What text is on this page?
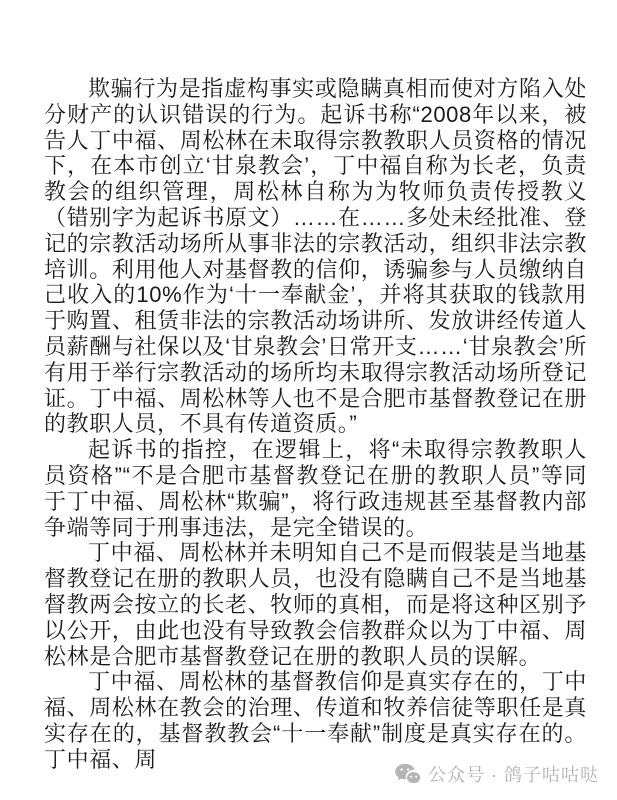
欺骗行为是指虚构事实或隐瞒真相而使对方陷入处分财产的认识错误的行为。起诉书称“2008年以来，被告人丁中福、周松林在未取得宗教教职人员资格的情况下，在本市创立‘甘泉教会’，丁中福自称为长老，负责教会的组织管理，周松林自称为为牧师负责传授教义（错别字为起诉书原文）……在……多处未经批准、登记的宗教活动场所从事非法的宗教活动，组织非法宗教培训。利用他人对基督教的信仰，诱骗参与人员缴纳自己收入的10%作为‘十一奉献金’，并将其获取的钱款用于购置、租赁非法的宗教活动场讲所、发放讲经传道人员薪酬与社保以及‘甘泉教会’日常开支……‘甘泉教会’所有用于举行宗教活动的场所均未取得宗教活动场所登记证。丁中福、周松林等人也不是合肥市基督教登记在册的教职人员，不具有传道资质。”

起诉书的指控，在逻辑上，将“未取得宗教教职人员资格”“不是合肥市基督教登记在册的教职人员”等同于丁中福、周松林“欺骗”，将行政违规甚至基督教内部争端等同于刑事违法，是完全错误的。

丁中福、周松林并未明知自己不是而假装是当地基督教登记在册的教职人员，也没有隐瞒自己不是当地基督教两会按立的长老、牧师的真相，而是将这种区别予以公开，由此也没有导致教会信教群众以为丁中福、周松林是合肥市基督教登记在册的教职人员的误解。

丁中福、周松林的基督教信仰是真实存在的，丁中福、周松林在教会的治理、传道和牧养信徒等职任是真实存在的，基督教教会“十一奉献”制度是真实存在的。丁中福、周

公众号 · 鸽子咕咕哒
